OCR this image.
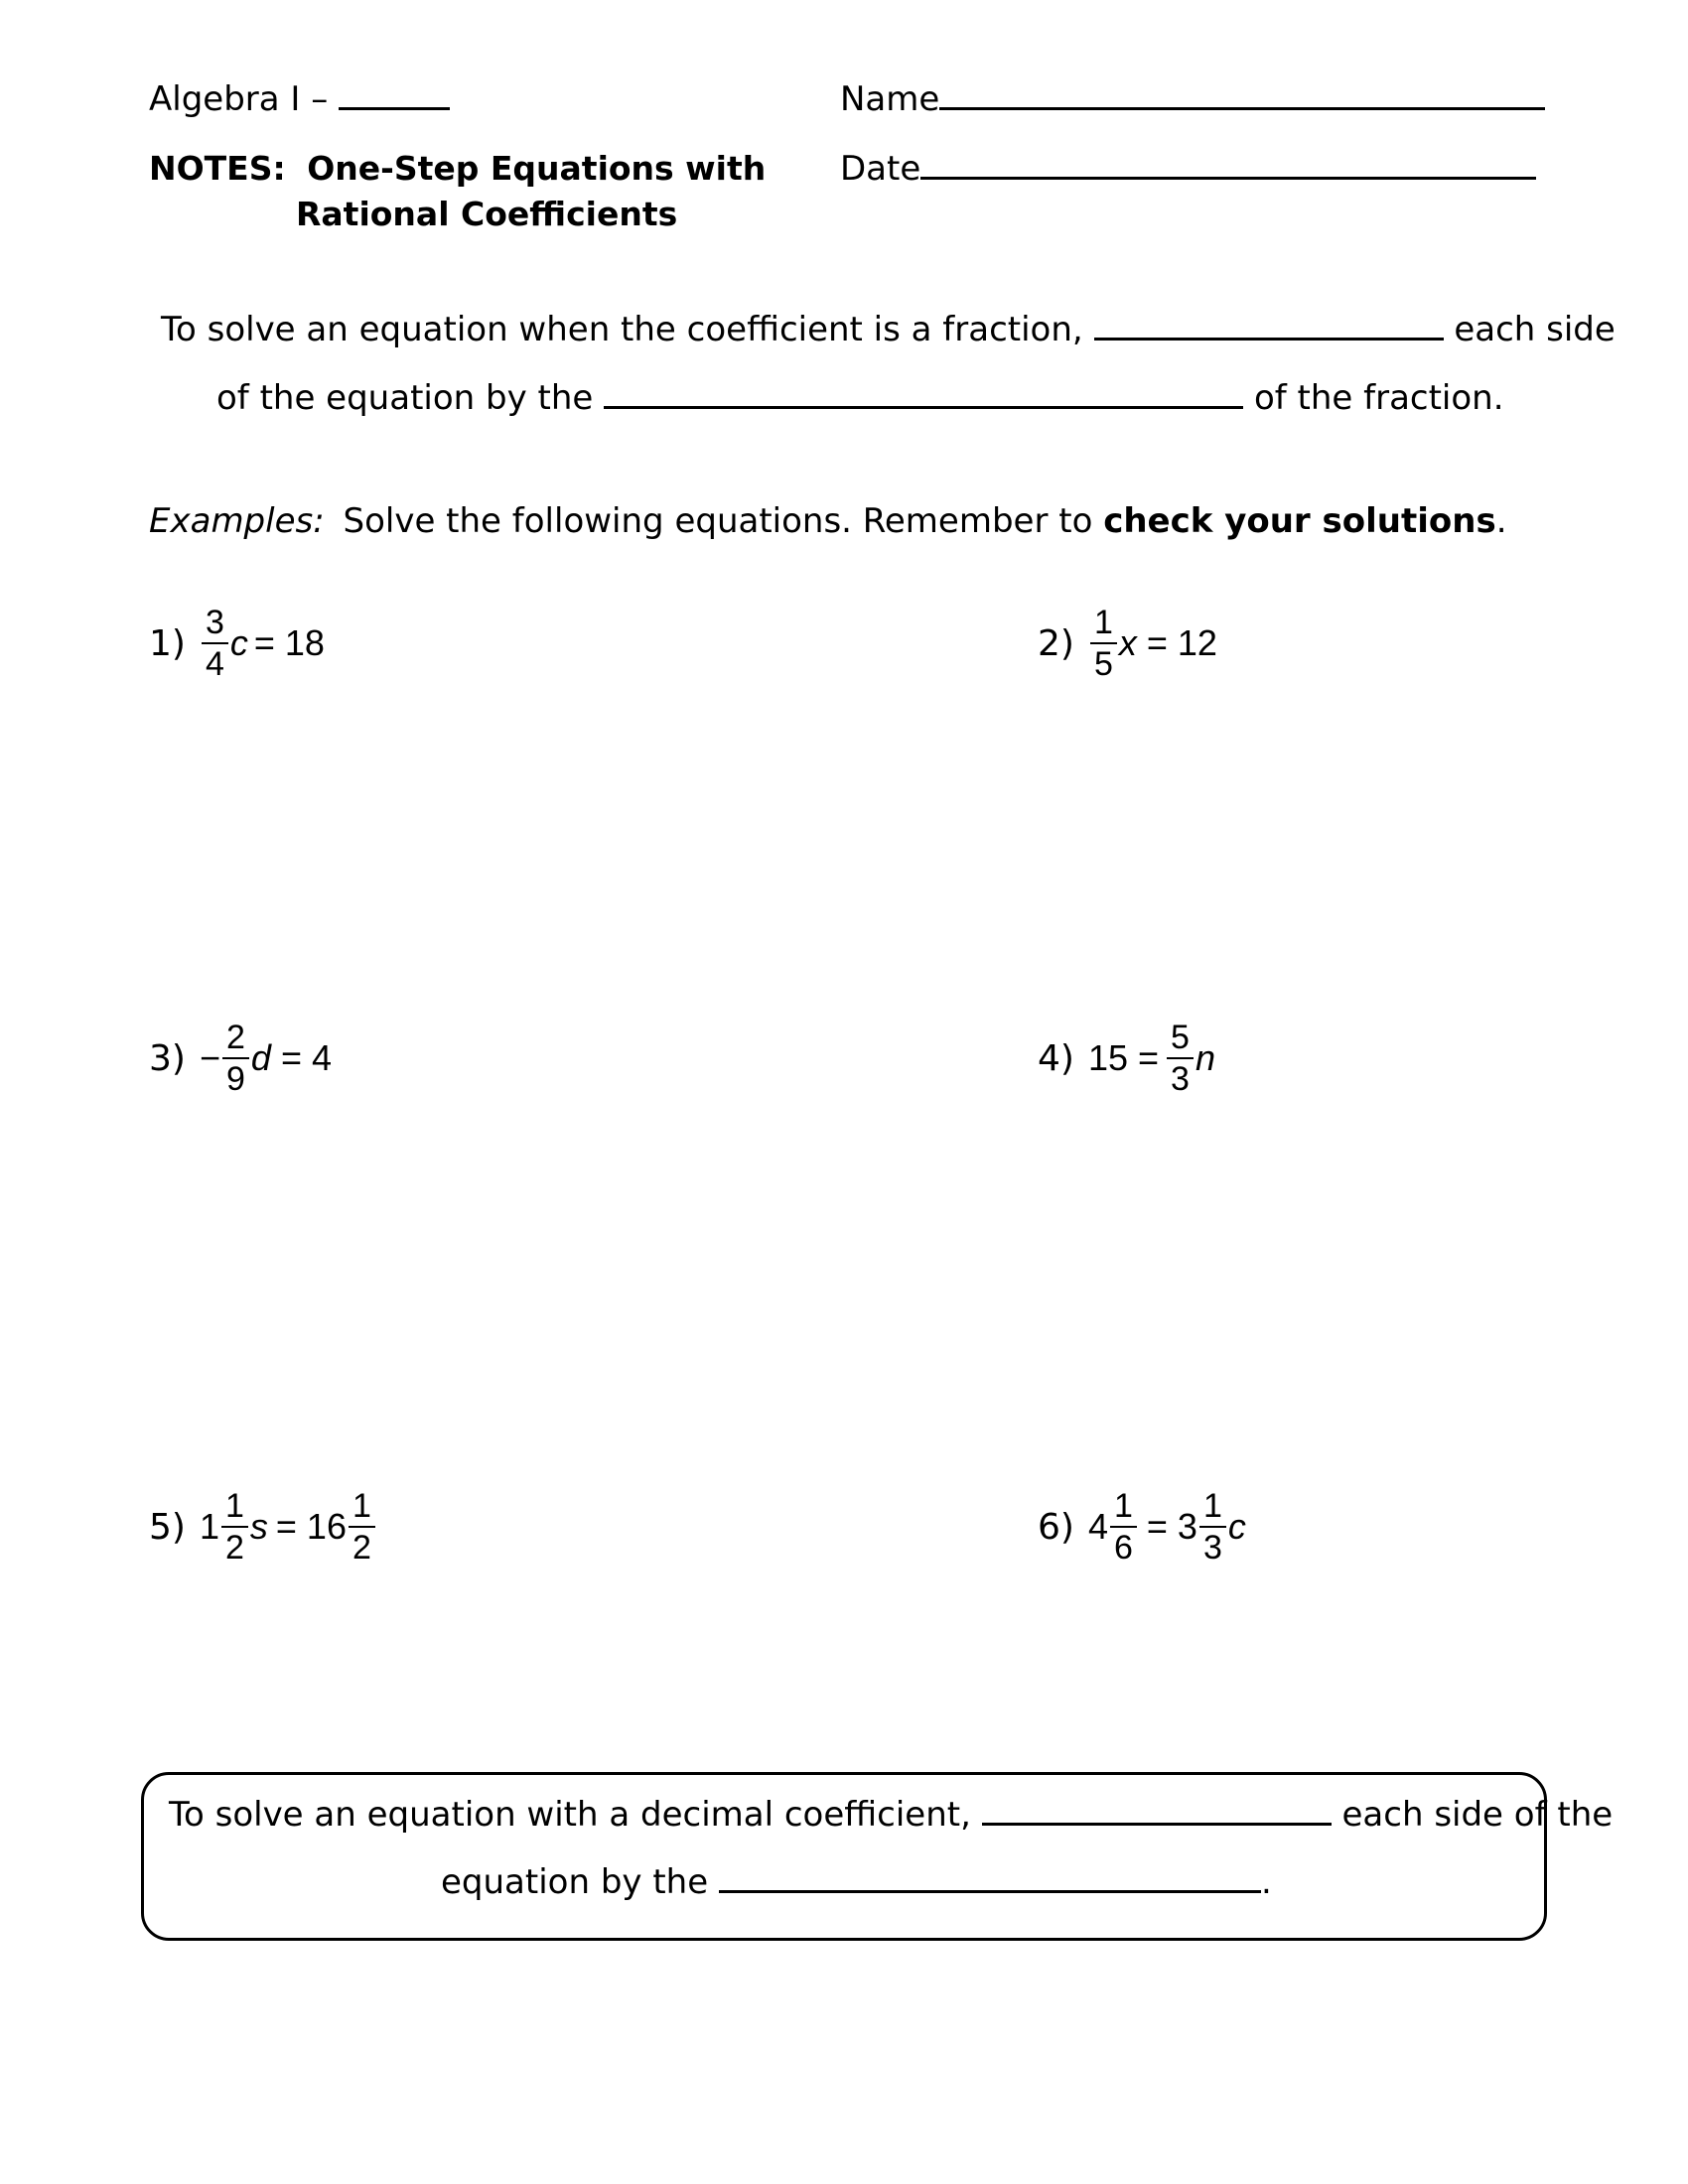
Algebra I –	Name
Date
NOTES: One-Step Equations with
Rational Coefficients
To solve an equation when the coefficient is a fraction,	each side
of the equation by the	of the fraction.
Examples: Solve the following equations. Remember to check your solutions.
$1) \frac{3}{4}$ c = 18	$2) \frac{1}{5}$ x = 12
$3) - \frac{2}{9}$ d = 4	4) $15 = \frac{5}{3}$ n
5) $1 \frac{1}{2}$ $s = 16 \frac{1}{2}$	6) $4 \frac{1}{6} = 3 \frac{1}{3}$ c
To solve an equation with a decimal coefficient,	each side of the
equation by the	.
